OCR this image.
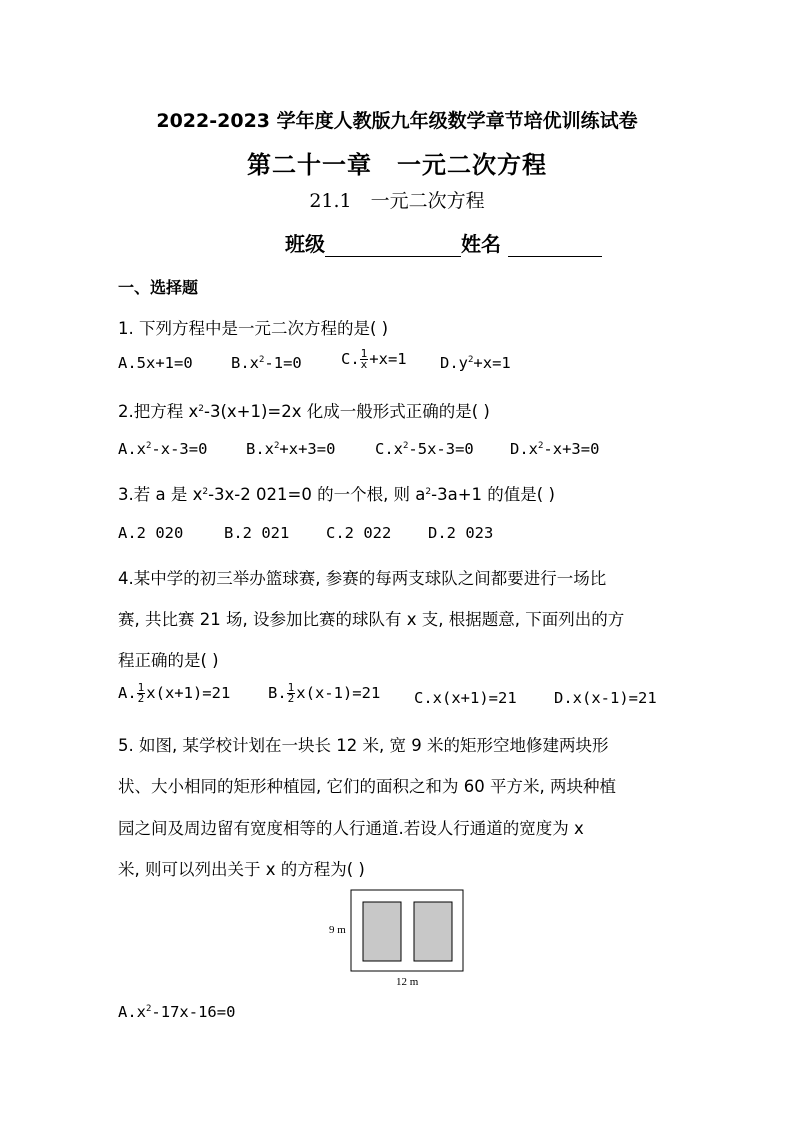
2022-2023 学年度人教版九年级数学章节培优训练试卷
第二十一章　一元二次方程
21.1　一元二次方程
班级	姓名
一、选择题
1. 下列方程中是一元二次方程的是( )
A.5x+1=0 $B.x^2-1=0$	C. $\frac{1}{x} +x=1$ $D.y^2+x=1$
2.把方程 $x^2-3(x+1)=2x$ 化成一般形式正确的是( )
$A.x^2-x-3=0$ $B.x^2+x+3=0$	$C.x^2-5x-3=0$ $D.x^2-x+3=0$
3.若 a 是 $x^2-3x-2$ 021=0 的一个根, 则 $a^2-3a+1$ 的值是( )
A.2 020	B.2 021 C.2 022 D.2 023
4.某中学的初三举办篮球赛, 参赛的每两支球队之间都要进行一场比
赛, 共比赛 21 场, 设参加比赛的球队有 x 支, 根据题意, 下面列出的方
程正确的是( )
A. $\frac{1}{2} x(x+1)=21$ B. $\frac{1}{2} x(x-1)=21$ C.x(x+1)=21 D.x(x-1)=21
5. 如图, 某学校计划在一块长 12 米, 宽 9 米的矩形空地修建两块形
状、大小相同的矩形种植园, 它们的面积之和为 60 平方米, 两块种植
园之间及周边留有宽度相等的人行通道.若设人行通道的宽度为 x
米, 则可以列出关于 x 的方程为( )
9 m
12 m
$A.x^2-17x-16=0$
